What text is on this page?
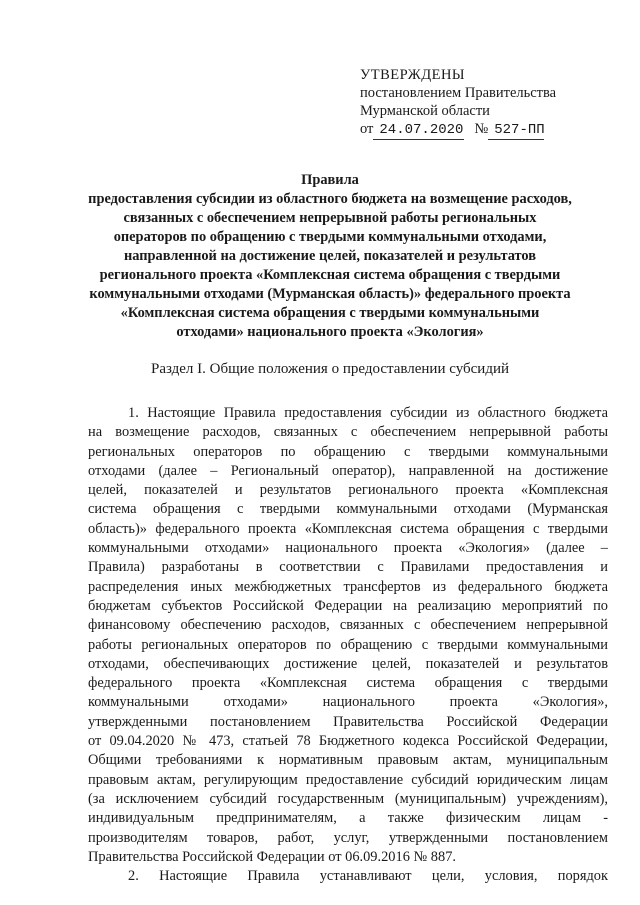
УТВЕРЖДЕНЫ
постановлением Правительства
Мурманской области
от 24.07.2020 № 527-ПП
Правила
предоставления субсидии из областного бюджета на возмещение расходов,
связанных с обеспечением непрерывной работы региональных
операторов по обращению с твердыми коммунальными отходами,
направленной на достижение целей, показателей и результатов
регионального проекта «Комплексная система обращения с твердыми
коммунальными отходами (Мурманская область)» федерального проекта
«Комплексная система обращения с твердыми коммунальными
отходами» национального проекта «Экология»
Раздел I. Общие положения о предоставлении субсидий
1. Настоящие Правила предоставления субсидии из областного бюджета
на возмещение расходов, связанных с обеспечением непрерывной работы
региональных операторов по обращению с твердыми коммунальными
отходами (далее – Региональный оператор), направленной на достижение
целей, показателей и результатов регионального проекта «Комплексная
система обращения с твердыми коммунальными отходами (Мурманская
область)» федерального проекта «Комплексная система обращения с твердыми
коммунальными отходами» национального проекта «Экология» (далее –
Правила) разработаны в соответствии с Правилами предоставления и
распределения иных межбюджетных трансфертов из федерального бюджета
бюджетам субъектов Российской Федерации на реализацию мероприятий по
финансовому обеспечению расходов, связанных с обеспечением непрерывной
работы региональных операторов по обращению с твердыми коммунальными
отходами, обеспечивающих достижение целей, показателей и результатов
федерального проекта «Комплексная система обращения с твердыми
коммунальными отходами» национального проекта «Экология»,
утвержденными постановлением Правительства Российской Федерации
от 09.04.2020 № 473, статьей 78 Бюджетного кодекса Российской Федерации,
Общими требованиями к нормативным правовым актам, муниципальным
правовым актам, регулирующим предоставление субсидий юридическим лицам
(за исключением субсидий государственным (муниципальным) учреждениям),
индивидуальным предпринимателям, а также физическим лицам -
производителям товаров, работ, услуг, утвержденными постановлением
Правительства Российской Федерации от 06.09.2016 № 887.
2. Настоящие Правила устанавливают цели, условия, порядок
